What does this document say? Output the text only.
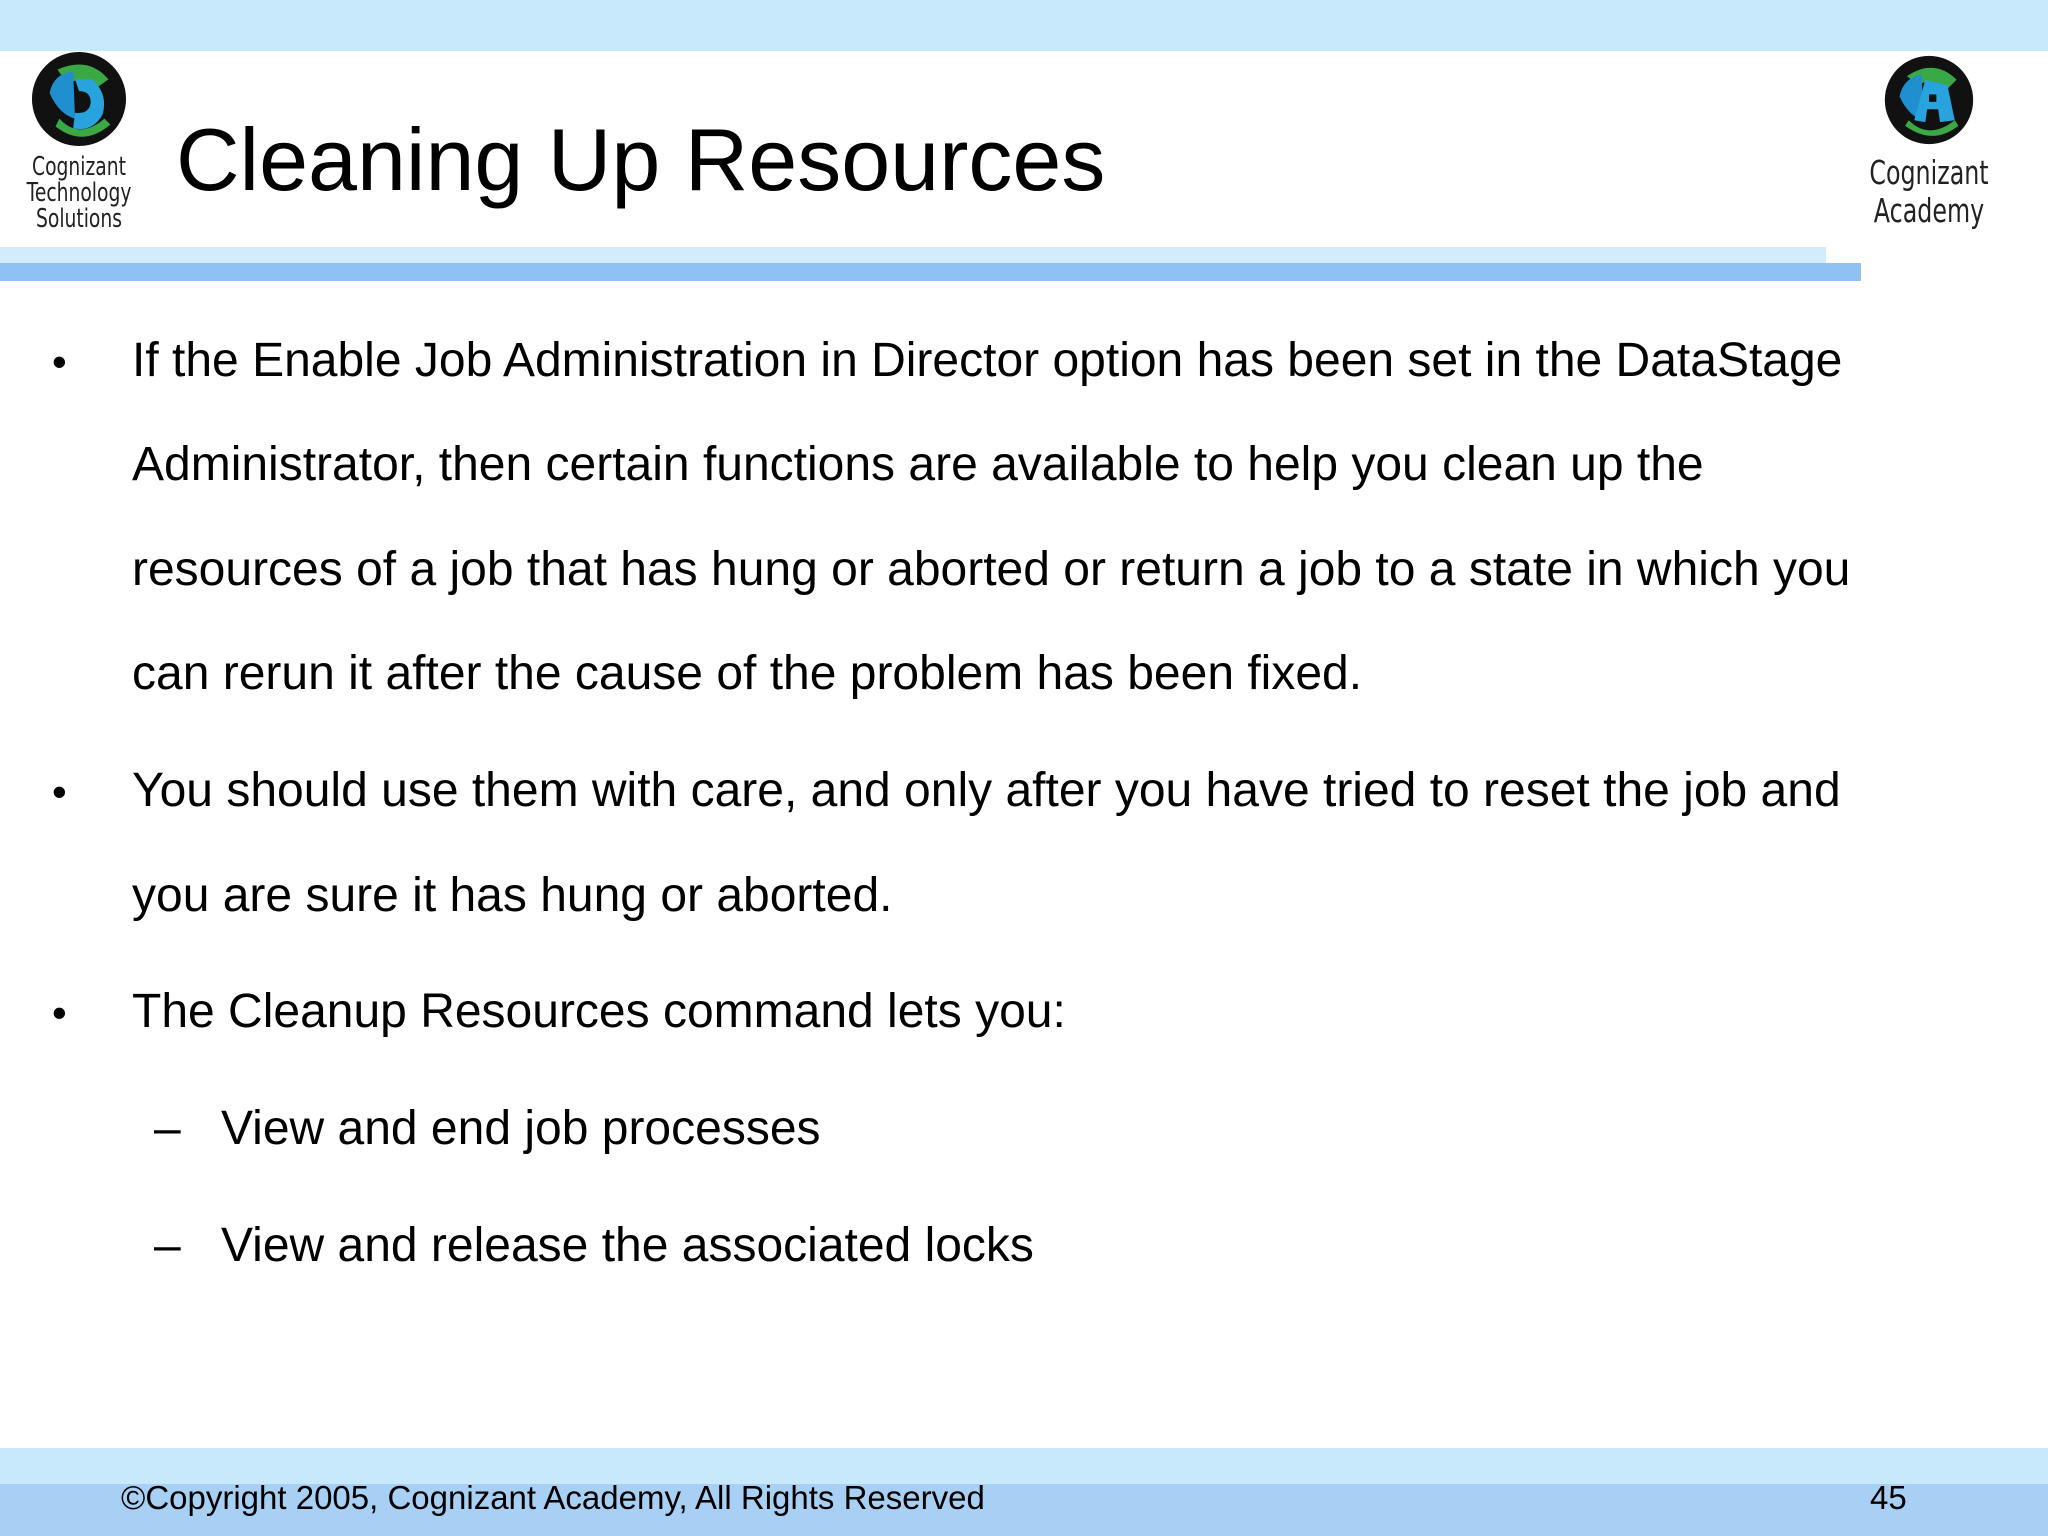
Cognizant
Technology
Solutions
Cleaning Up Resources	Cognizant
Academy
• If the Enable Job Administration in Director option has been set in the DataStage
Administrator, then certain functions are available to help you clean up the
resources of a job that has hung or aborted or return a job to a state in which you
can rerun it after the cause of the problem has been fixed.
• You should use them with care, and only after you have tried to reset the job and
you are sure it has hung or aborted.
• The Cleanup Resources command lets you:
– View and end job processes
– View and release the associated locks
©Copyright 2005, Cognizant Academy, All Rights Reserved	45
